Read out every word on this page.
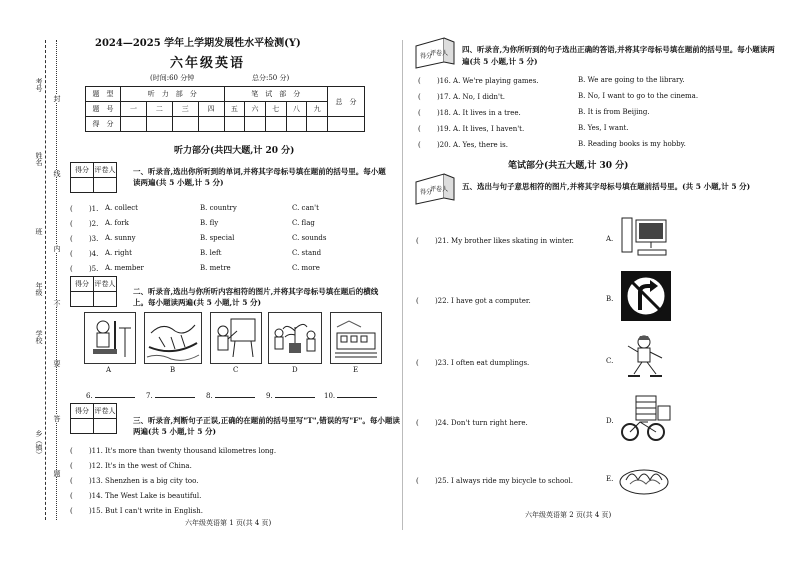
考号
姓名
班
年级
学校
乡（镇）
封
线
内
不
要
答
题
2024—2025 学年上学期发展性水平检测(Y)
六年级英语
(时间:60 分钟	总分:50 分)
题　型	听　力　部　分				笔　试　部　分					总　分
题　号	一	二	三	四	五	六	七	八	九	
得　分										
听力部分(共四大题,计 20 分)
得分	评卷人
	一、听录音,选出你所听到的单词,并将其字母标号填在题前的括号里。每小题读两遍(共 5 小题,计 5 分)
( 　　)1. A. collect	B. country	C. can't
( 　　)2. A. fork	B. fly	C. flag
( 　　)3. A. sunny	B. special	C. sounds
( 　　)4. A. right	B. left	C. stand
( 　　)5. A. member	B. metre	C. more
得分	评卷人

二、听录音,选出与你所听内容相符的图片,并将其字母标号填在题后的横线上。每小题读两遍(共 5 小题,计 5 分)
A	B	C	D	E
6.	7.	8.	9.	10.
得分	评卷人

三、听录音,判断句子正误,正确的在题前的括号里写"T",错误的写"F"。每小题读两遍(共 5 小题,计 5 分)
( 　　)11. It's more than twenty thousand kilometres long.
( 　　)12. It's in the west of China.
( 　　)13. Shenzhen is a big city too.
( 　　)14. The West Lake is beautiful.
( 　　)15. But I can't write in English.
六年级英语第 1 页(共 4 页)
得分
评卷人 四、听录音,为你所听到的句子选出正确的答语,并将其字母标号填在题前的括号里。每小题读两遍(共 5 小题,计 5 分)
( 　　)16. A. We're playing games.	B. We are going to the library.
( 　　)17. A. No, I didn't.	B. No, I want to go to the cinema.
( 　　)18. A. It lives in a tree.	B. It is from Beijing.
( 　　)19. A. It lives, I haven't.	B. Yes, I want.
( 　　)20. A. Yes, there is.	B. Reading books is my hobby.
笔试部分(共五大题,计 30 分)
得分
评卷人 五、选出与句子意思相符的图片,并将其字母标号填在题前括号里。(共 5 小题,计 5 分)
( 　　)21. My brother likes skating in winter.
( 　　)22. I have got a computer.
( 　　)23. I often eat dumplings.
( 　　)24. Don't turn right here.
( 　　)25. I always ride my bicycle to school.
A.
B.
C.
D.
E.
六年级英语第 2 页(共 4 页)
